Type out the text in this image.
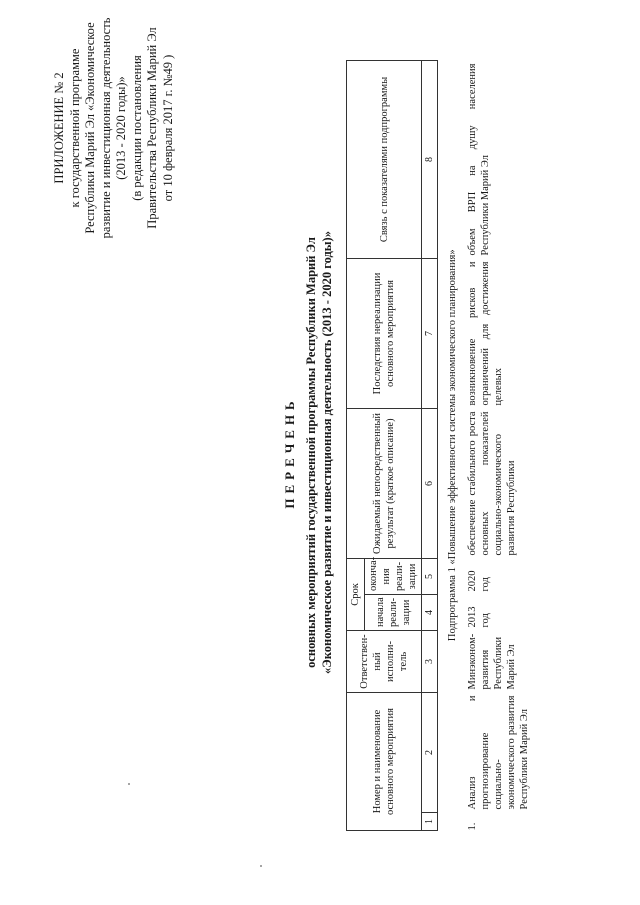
ПРИЛОЖЕНИЕ № 2 к государственной программе Республики Марий Эл «Экономическое развитие и инвестиционная деятельность (2013 - 2020 годы)» (в редакции постановления Правительства Республики Марий Эл от 10 февраля 2017 г. №49 )
ПЕРЕЧЕНЬ основных мероприятий государственной программы Республики Марий Эл «Экономическое развитие и инвестиционная деятельность (2013 - 2020 годы)»
Номер и наименование основного мероприятия		Ответствен-ный исполни-тель	Срок		Ожидаемый непосредственный результат (краткое описание)	Последствия нереализации основного мероприятия	Связь с показателями подпрограммы
			начала реали-зации	оконча-ния реали-зации			
1	2	3	4	5	6	7	8
Подпрограмма 1 «Повышение эффективности системы экономического планирования»							
1.	Анализ и прогнозирование социально-экономического развития Республики Марий Эл	Минэконом-развития Республики Марий Эл	2013 год	2020 год	обеспечение стабильного роста основных показателей социально-экономического развития Республики	возникновение рисков и ограничений для достижения целевых	объем ВРП на душу населения Республики Марий Эл
